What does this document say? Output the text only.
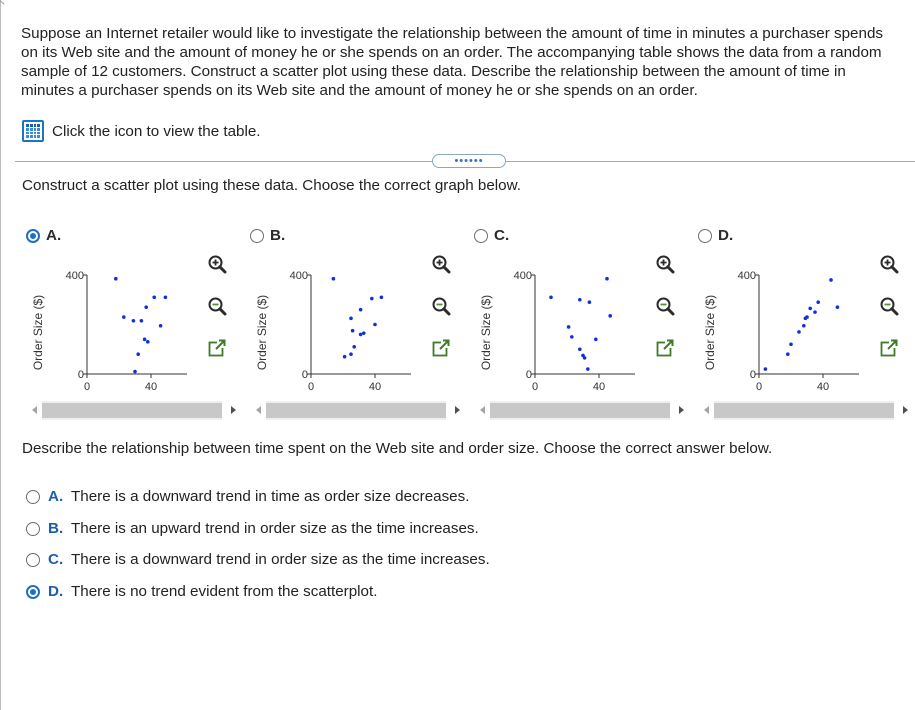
Suppose an Internet retailer would like to investigate the relationship between the amount of time in minutes a purchaser spends on its Web site and the amount of money he or she spends on an order. The accompanying table shows the data from a random sample of 12 customers. Construct a scatter plot using these data. Describe the relationship between the amount of time in minutes a purchaser spends on its Web site and the amount of money he or she spends on an order.
Click the icon to view the table.
••••••
Construct a scatter plot using these data. Choose the correct graph below.
A.	B.	C.	D.
Order Size ($)
0
400
0	40
Order Size ($)
0
400
0	40
Order Size ($)
0
400
0	40
Order Size ($)
0
400
0	40
Describe the relationship between time spent on the Web site and order size. Choose the correct answer below.
A. There is a downward trend in time as order size decreases.
B. There is an upward trend in order size as the time increases.
C. There is a downward trend in order size as the time increases.
D. There is no trend evident from the scatterplot.
